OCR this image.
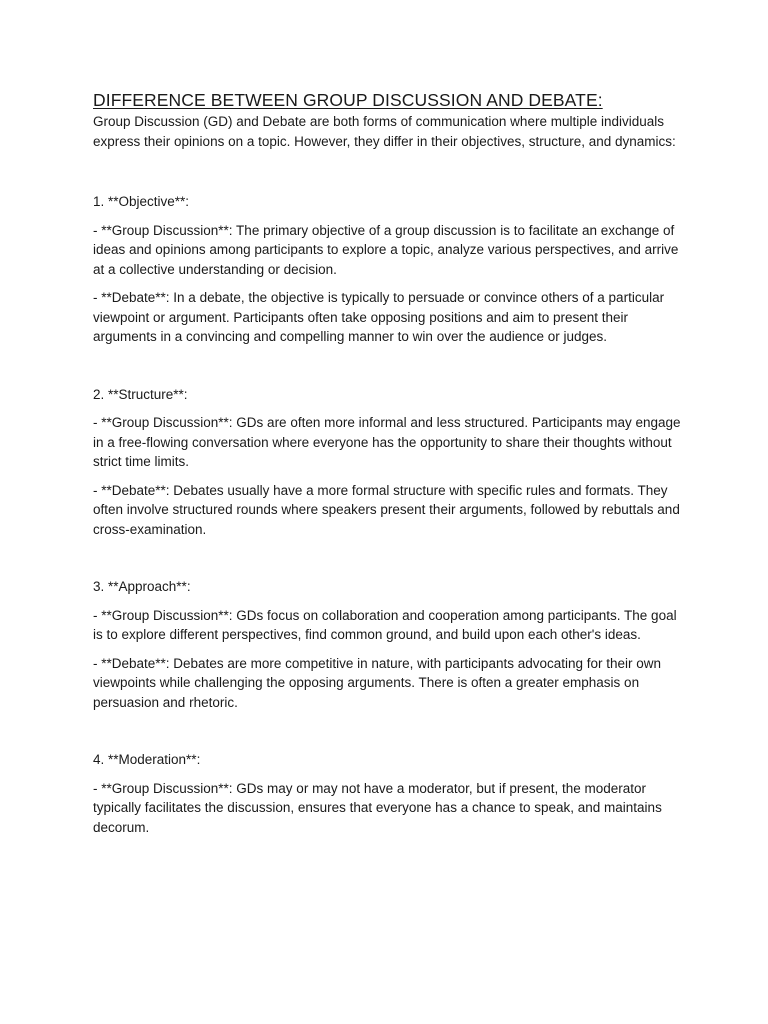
DIFFERENCE BETWEEN GROUP DISCUSSION AND DEBATE:

Group Discussion (GD) and Debate are both forms of communication where multiple individuals express their opinions on a topic. However, they differ in their objectives, structure, and dynamics:

1. **Objective**:

- **Group Discussion**: The primary objective of a group discussion is to facilitate an exchange of ideas and opinions among participants to explore a topic, analyze various perspectives, and arrive at a collective understanding or decision.

- **Debate**: In a debate, the objective is typically to persuade or convince others of a particular viewpoint or argument. Participants often take opposing positions and aim to present their arguments in a convincing and compelling manner to win over the audience or judges.

2. **Structure**:

- **Group Discussion**: GDs are often more informal and less structured. Participants may engage in a free-flowing conversation where everyone has the opportunity to share their thoughts without strict time limits.

- **Debate**: Debates usually have a more formal structure with specific rules and formats. They often involve structured rounds where speakers present their arguments, followed by rebuttals and cross-examination.

3. **Approach**:

- **Group Discussion**: GDs focus on collaboration and cooperation among participants. The goal is to explore different perspectives, find common ground, and build upon each other's ideas.

- **Debate**: Debates are more competitive in nature, with participants advocating for their own viewpoints while challenging the opposing arguments. There is often a greater emphasis on persuasion and rhetoric.

4. **Moderation**:

- **Group Discussion**: GDs may or may not have a moderator, but if present, the moderator typically facilitates the discussion, ensures that everyone has a chance to speak, and maintains decorum.
